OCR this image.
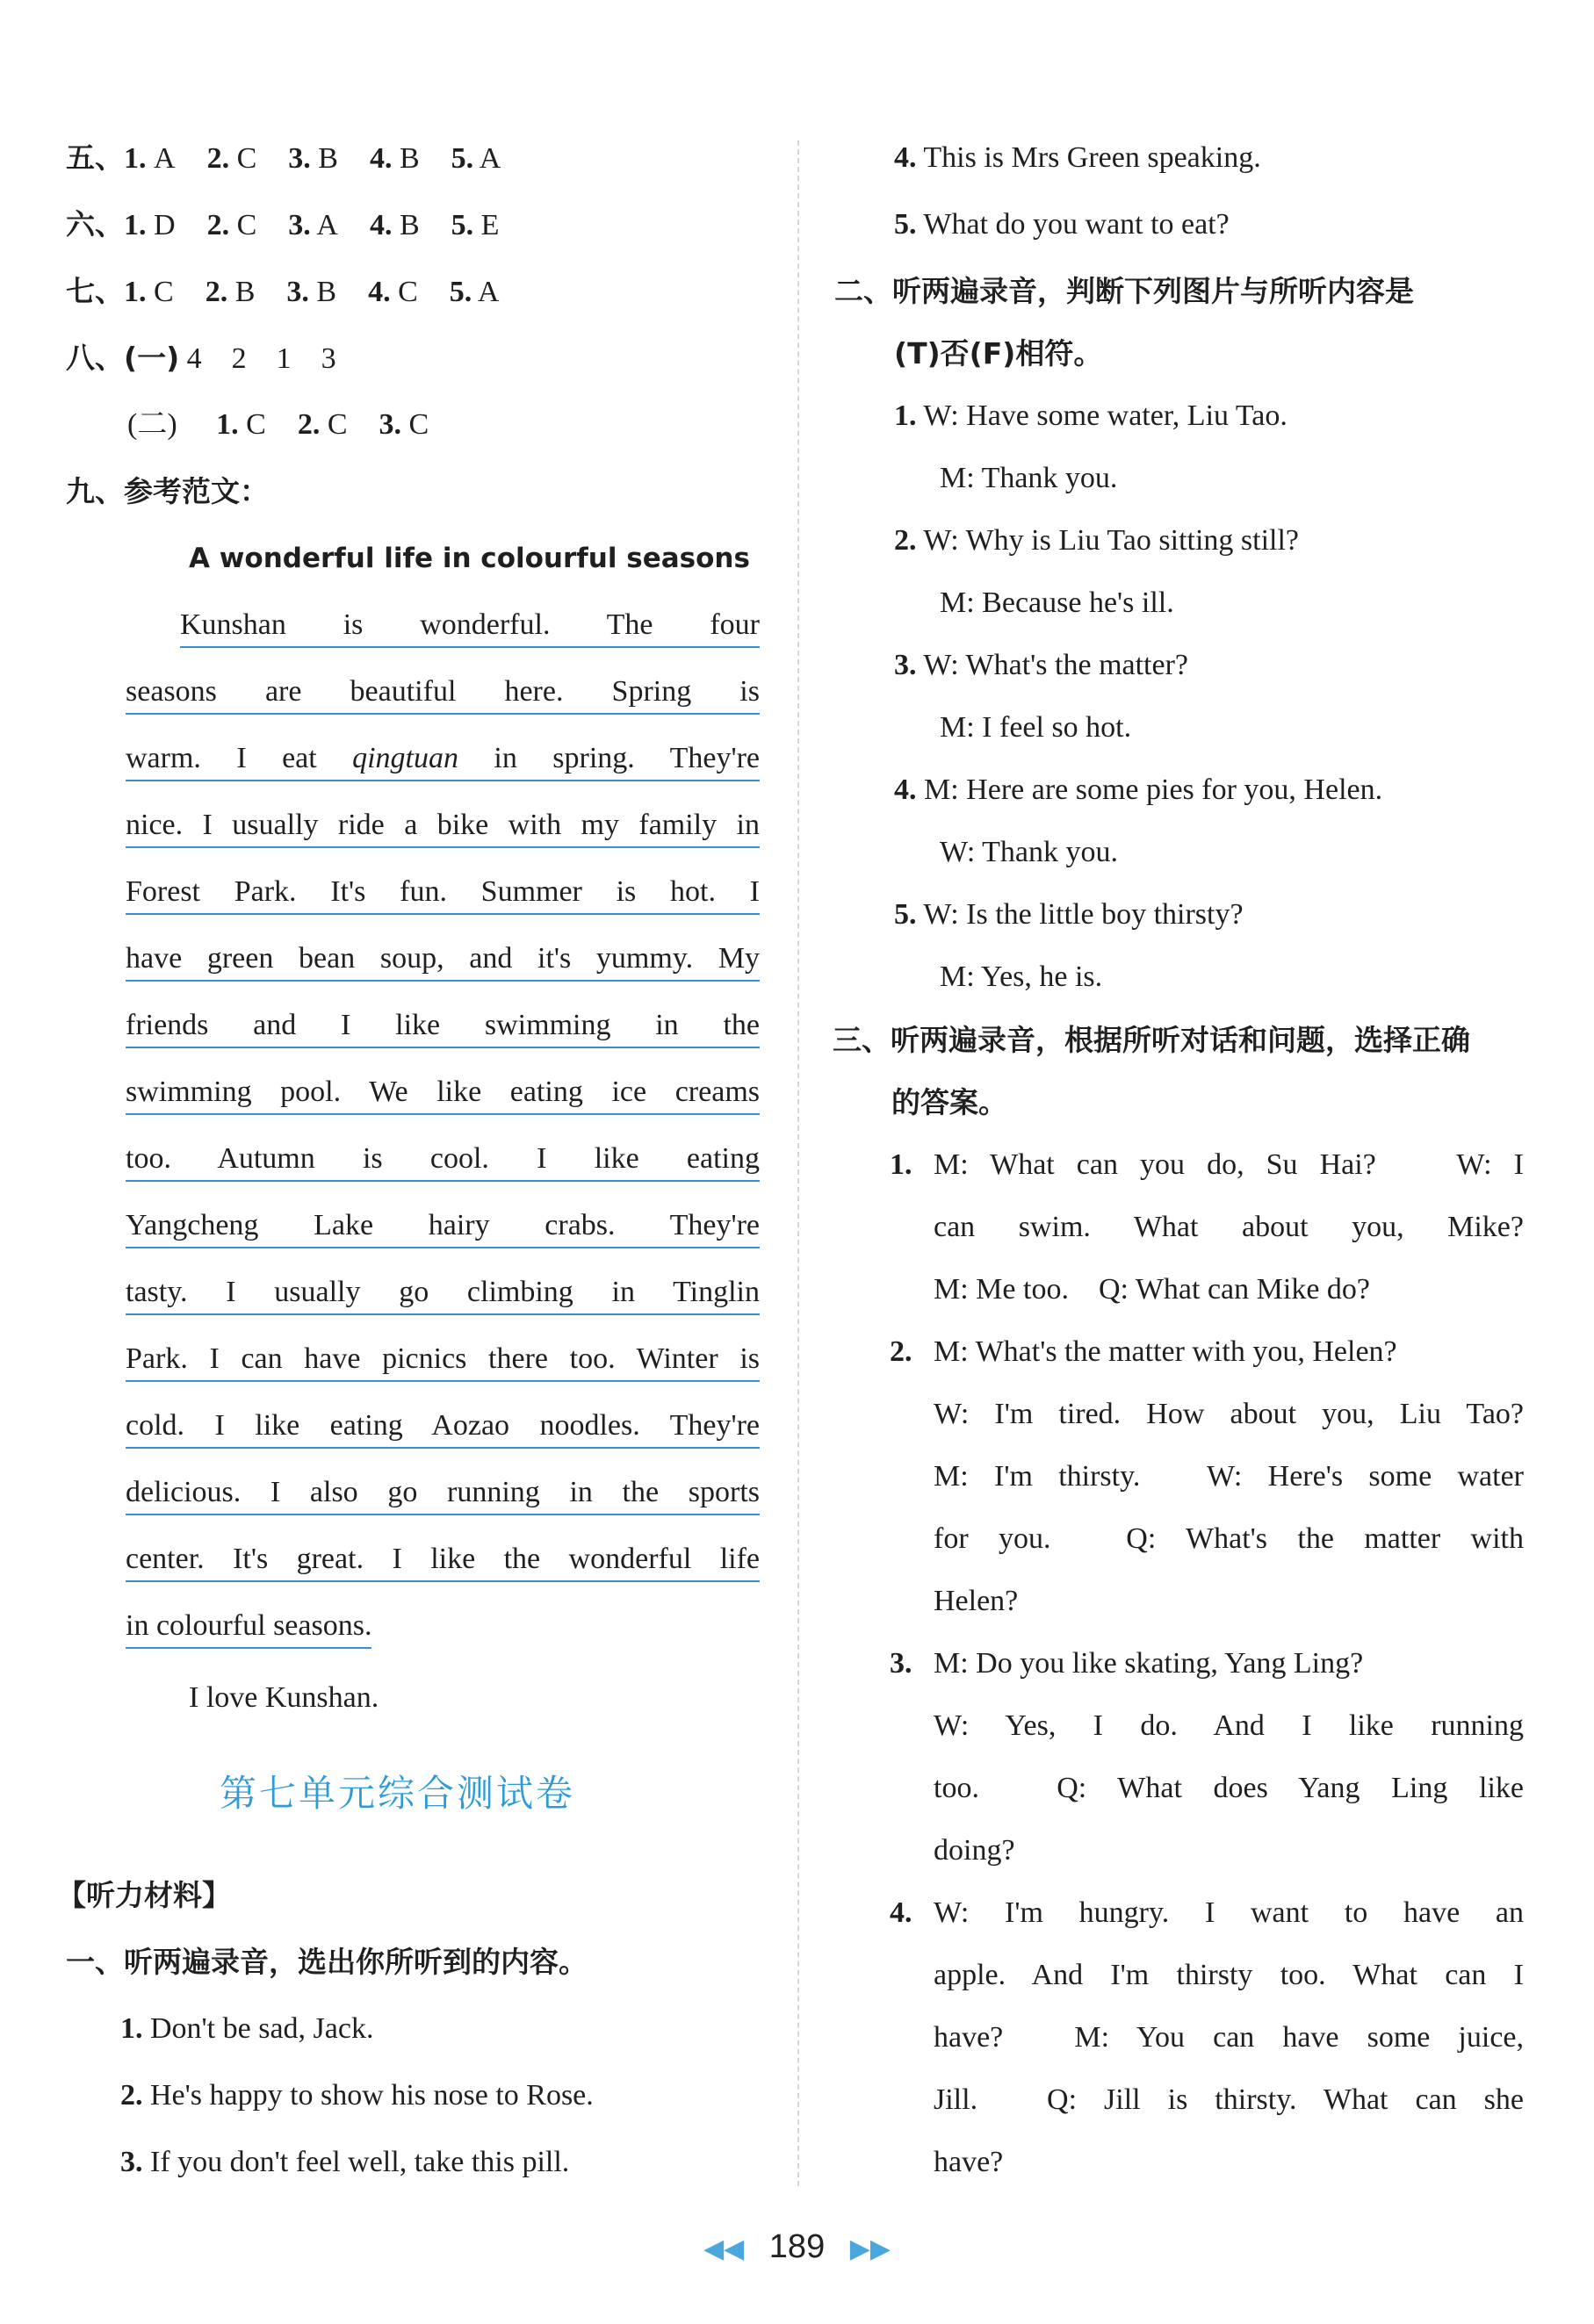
五、1. A 2. C 3. B 4. B 5. A
六、1. D 2. C 3. A 4. B 5. E
七、1. C 2. B 3. B 4. C 5. A
八、(一) 4　2　1　3
(二) 1. C 2. C 3. C
九、参考范文：
A wonderful life in colourful seasons
Kunshan is wonderful. The four
seasons are beautiful here. Spring is
warm. I eat qingtuan in spring. They're
nice. I usually ride a bike with my family in
Forest Park. It's fun. Summer is hot. I
have green bean soup, and it's yummy. My
friends and I like swimming in the
swimming pool. We like eating ice creams
too. Autumn is cool. I like eating
Yangcheng Lake hairy crabs. They're
tasty. I usually go climbing in Tinglin
Park. I can have picnics there too. Winter is
cold. I like eating Aozao noodles. They're
delicious. I also go running in the sports
center. It's great. I like the wonderful life
in colourful seasons.
I love Kunshan.
第七单元综合测试卷
【听力材料】
一、听两遍录音，选出你所听到的内容。
1. Don't be sad, Jack.
2. He's happy to show his nose to Rose.
3. If you don't feel well, take this pill.
4. This is Mrs Green speaking.
5. What do you want to eat?
二、听两遍录音，判断下列图片与所听内容是
(T)否(F)相符。
1. W: Have some water, Liu Tao.
M: Thank you.
2. W: Why is Liu Tao sitting still?
M: Because he's ill.
3. W: What's the matter?
M: I feel so hot.
4. M: Here are some pies for you, Helen.
W: Thank you.
5. W: Is the little boy thirsty?
M: Yes, he is.
三、听两遍录音，根据所听对话和问题，选择正确
的答案。
1. M: What can you do, Su Hai?　 W: I
can swim. What about you, Mike?
M: Me too.　Q: What can Mike do?
2. M: What's the matter with you, Helen?
W: I'm tired. How about you, Liu Tao?
M: I'm thirsty.　W: Here's some water
for you.　Q: What's the matter with
Helen?
3. M: Do you like skating, Yang Ling?
W: Yes, I do. And I like running
too.　Q: What does Yang Ling like
doing?
4. W: I'm hungry. I want to have an
apple. And I'm thirsty too. What can I
have?　M: You can have some juice,
Jill.　Q: Jill is thirsty. What can she
have?
◀◀ 189 ▶▶
